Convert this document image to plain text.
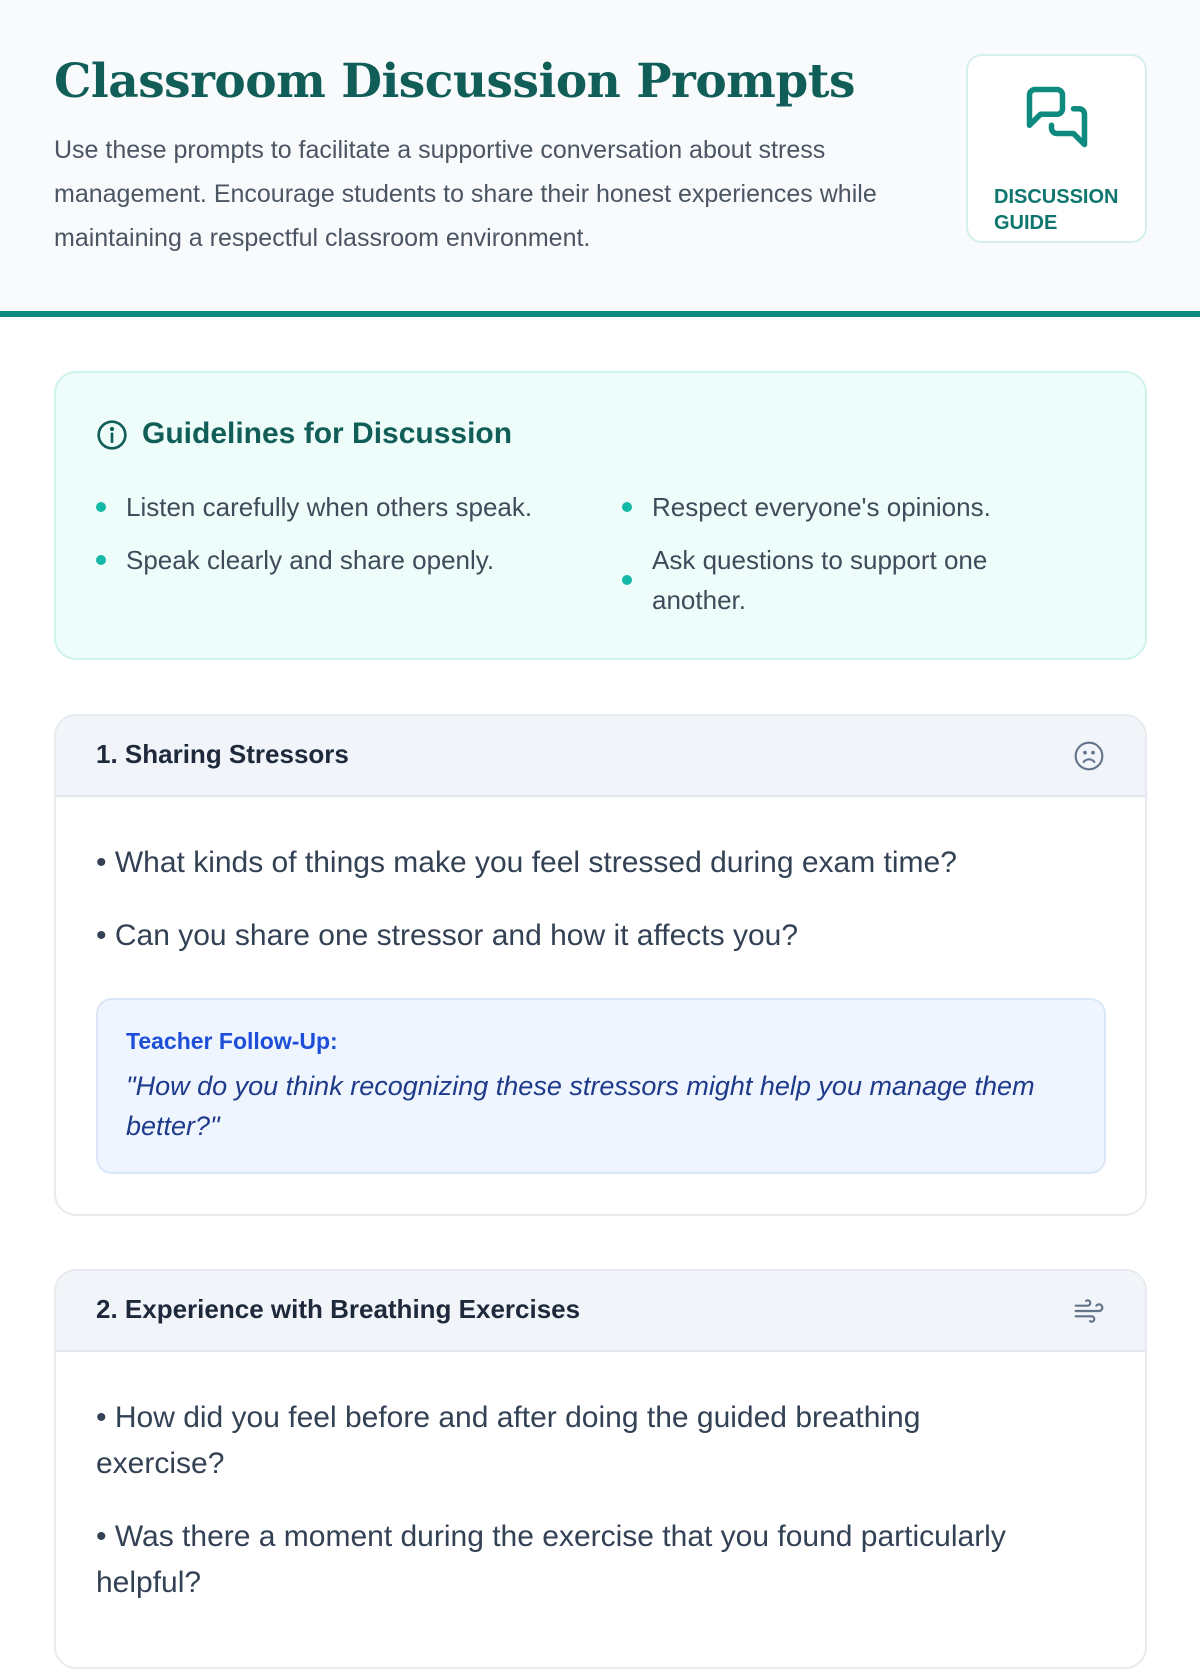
Classroom Discussion Prompts

Use these prompts to facilitate a supportive conversation about stress management. Encourage students to share their honest experiences while maintaining a respectful classroom environment.

DISCUSSION GUIDE
Guidelines for Discussion
Listen carefully when others speak.	Respect everyone's opinions.
Speak clearly and share openly.	Ask questions to support one another.
1. Sharing Stressors

• What kinds of things make you feel stressed during exam time?

• Can you share one stressor and how it affects you?

Teacher Follow-Up:
"How do you think recognizing these stressors might help you manage them better?"
2. Experience with Breathing Exercises

• How did you feel before and after doing the guided breathing exercise?

• Was there a moment during the exercise that you found particularly helpful?
